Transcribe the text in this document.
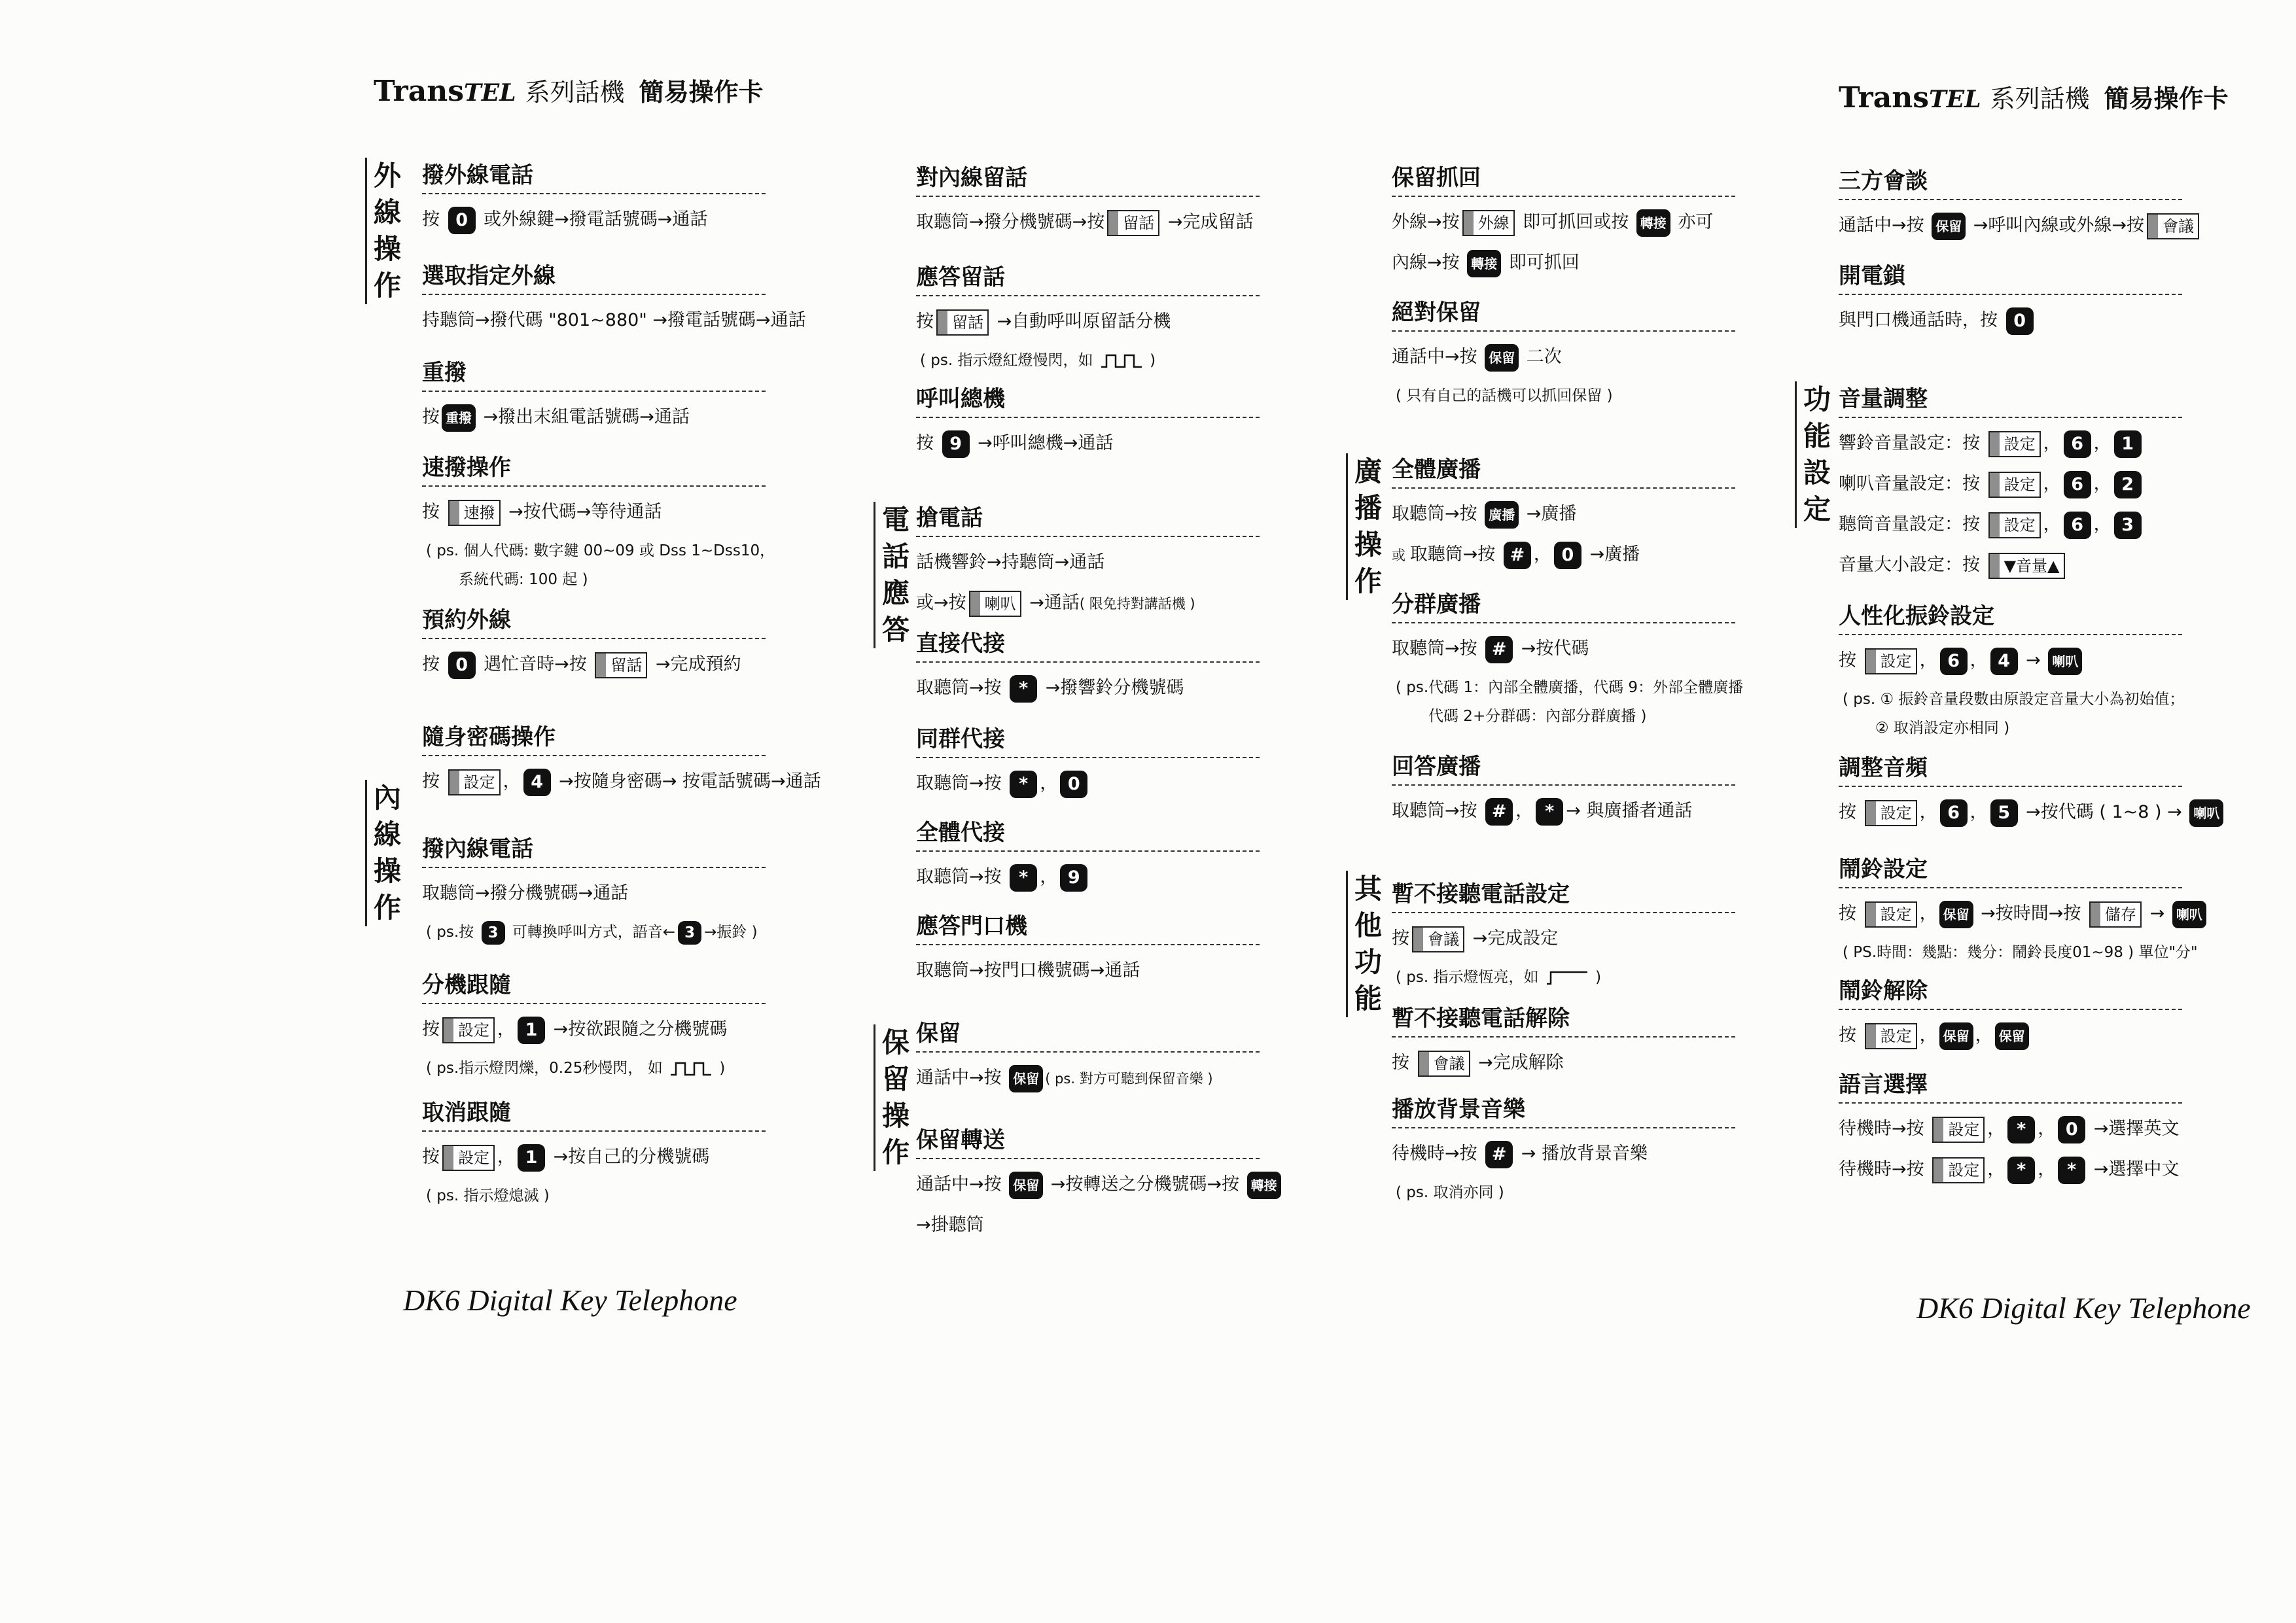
TransTEL 系列話機 簡易操作卡	TransTEL 系列話機 簡易操作卡
外線操作
內線操作
撥外線電話
按 0 或外線鍵→撥電話號碼→通話
選取指定外線
持聽筒→撥代碼 "801~880" →撥電話號碼→通話
重撥
按 重撥 →撥出末組電話號碼→通話
速撥操作
按 速撥 →按代碼→等待通話
( ps. 個人代碼: 數字鍵 00~09 或 Dss 1~Dss10，
系統代碼: 100 起 )
預約外線
按 0 遇忙音時→按 留話 →完成預約
隨身密碼操作
按 設定 ， 4 →按隨身密碼→ 按電話號碼→通話
撥內線電話
取聽筒→撥分機號碼→通話
( ps.按 3 可轉換呼叫方式，語音← 3 →振鈴 )
分機跟隨
按 設定 ， 1 →按欲跟隨之分機號碼
( ps.指示燈閃爍，0.25秒慢閃， 如	)
取消跟隨
按 設定 ， 1 →按自己的分機號碼
( ps. 指示燈熄滅 )
電話應答
保留操作
對內線留話
取聽筒→撥分機號碼→按 留話 →完成留話
應答留話
按 留話 →自動呼叫原留話分機
( ps. 指示燈紅燈慢閃，如	)
呼叫總機
按 9 →呼叫總機→通話
搶電話
話機響鈴→持聽筒→通話
或→按 喇叭 →通話( 限免持對講話機 )
直接代接
取聽筒→按 * →撥響鈴分機號碼
同群代接
取聽筒→按 * ， 0
全體代接
取聽筒→按 * ， 9
應答門口機
取聽筒→按門口機號碼→通話
保留
通話中→按 保留 ( ps. 對方可聽到保留音樂 )
保留轉送
通話中→按 保留 →按轉送之分機號碼→按 轉接
→掛聽筒
廣播操作
其他功能
保留抓回
外線→按 外線 即可抓回或按 轉接 亦可
內線→按 轉接 即可抓回
絕對保留
通話中→按 保留 二次
( 只有自己的話機可以抓回保留 )
全體廣播
取聽筒→按 廣播 →廣播
或 取聽筒→按 # ， 0 →廣播
分群廣播
取聽筒→按 # →按代碼
( ps.代碼 1：內部全體廣播，代碼 9：外部全體廣播
代碼 2+分群碼：內部分群廣播 )
回答廣播
取聽筒→按 # ， * → 與廣播者通話
暫不接聽電話設定
按 會議 →完成設定
( ps. 指示燈恆亮，如	)
暫不接聽電話解除
按 會議 →完成解除
播放背景音樂
待機時→按 # → 播放背景音樂
( ps. 取消亦同 )
功能設定
三方會談
通話中→按 保留 →呼叫內線或外線→按 會議
開電鎖
與門口機通話時，按 0
音量調整
響鈴音量設定：按 設定 ， 6 ， 1
喇叭音量設定：按 設定 ， 6 ， 2
聽筒音量設定：按 設定 ， 6 ， 3
音量大小設定：按 ▼音量▲
人性化振鈴設定
按 設定 ， 6 ， 4 → 喇叭
( ps. ① 振鈴音量段數由原設定音量大小為初始值；
② 取消設定亦相同 )
調整音頻
按 設定 ， 6 ， 5 →按代碼 ( 1~8 ) → 喇叭
鬧鈴設定
按 設定 ， 保留 →按時間→按 儲存 → 喇叭
( PS.時間：幾點：幾分：鬧鈴長度01~98 ) 單位"分"
鬧鈴解除
按 設定 ， 保留 ， 保留
語言選擇
待機時→按 設定 ， * ， 0 →選擇英文
待機時→按 設定 ， * ， * →選擇中文
DK6 Digital Key Telephone	DK6 Digital Key Telephone
